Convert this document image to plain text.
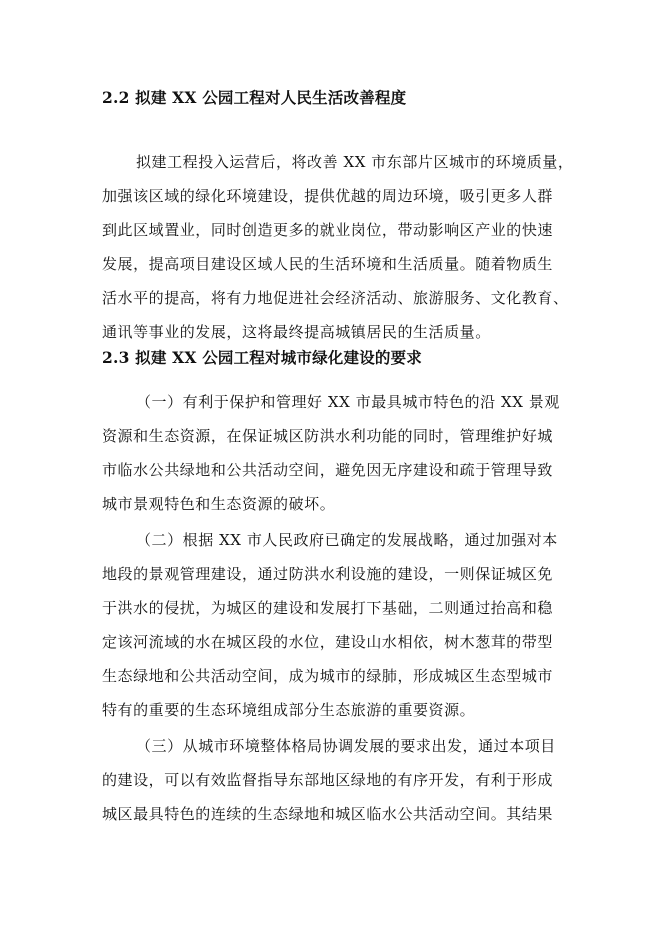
2.2 拟建 XX 公园工程对人民生活改善程度
拟建工程投入运营后，将改善 XX 市东部片区城市的环境质量，
加强该区域的绿化环境建设，提供优越的周边环境，吸引更多人群
到此区域置业，同时创造更多的就业岗位，带动影响区产业的快速
发展，提高项目建设区域人民的生活环境和生活质量。随着物质生
活水平的提高，将有力地促进社会经济活动、旅游服务、文化教育、
通讯等事业的发展，这将最终提高城镇居民的生活质量。
2.3 拟建 XX 公园工程对城市绿化建设的要求
（一）有利于保护和管理好 XX 市最具城市特色的沿 XX 景观
资源和生态资源，在保证城区防洪水利功能的同时，管理维护好城
市临水公共绿地和公共活动空间，避免因无序建设和疏于管理导致
城市景观特色和生态资源的破坏。
（二）根据 XX 市人民政府已确定的发展战略，通过加强对本
地段的景观管理建设，通过防洪水利设施的建设，一则保证城区免
于洪水的侵扰，为城区的建设和发展打下基础，二则通过抬高和稳
定该河流域的水在城区段的水位，建设山水相依，树木葱茸的带型
生态绿地和公共活动空间，成为城市的绿肺，形成城区生态型城市
特有的重要的生态环境组成部分生态旅游的重要资源。
（三）从城市环境整体格局协调发展的要求出发，通过本项目
的建设，可以有效监督指导东部地区绿地的有序开发，有利于形成
城区最具特色的连续的生态绿地和城区临水公共活动空间。其结果
